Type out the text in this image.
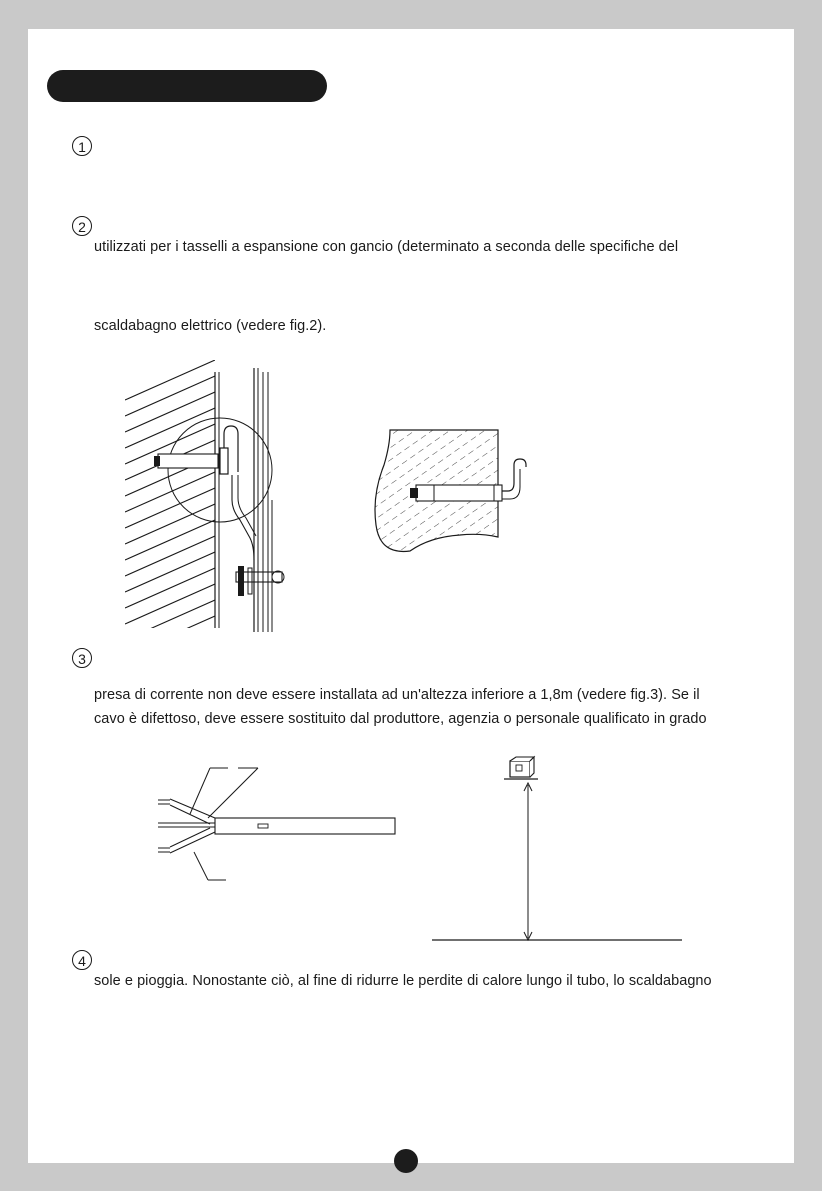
1
2
utilizzati per i tasselli a espansione con gancio (determinato a seconda delle specifiche del
scaldabagno elettrico (vedere fig.2).
3
presa di corrente non deve essere installata ad un'altezza inferiore a 1,8m (vedere fig.3). Se il
cavo è difettoso, deve essere sostituito dal produttore, agenzia o personale qualificato in grado
4
sole e pioggia. Nonostante ciò, al fine di ridurre le perdite di calore lungo il tubo, lo scaldabagno
